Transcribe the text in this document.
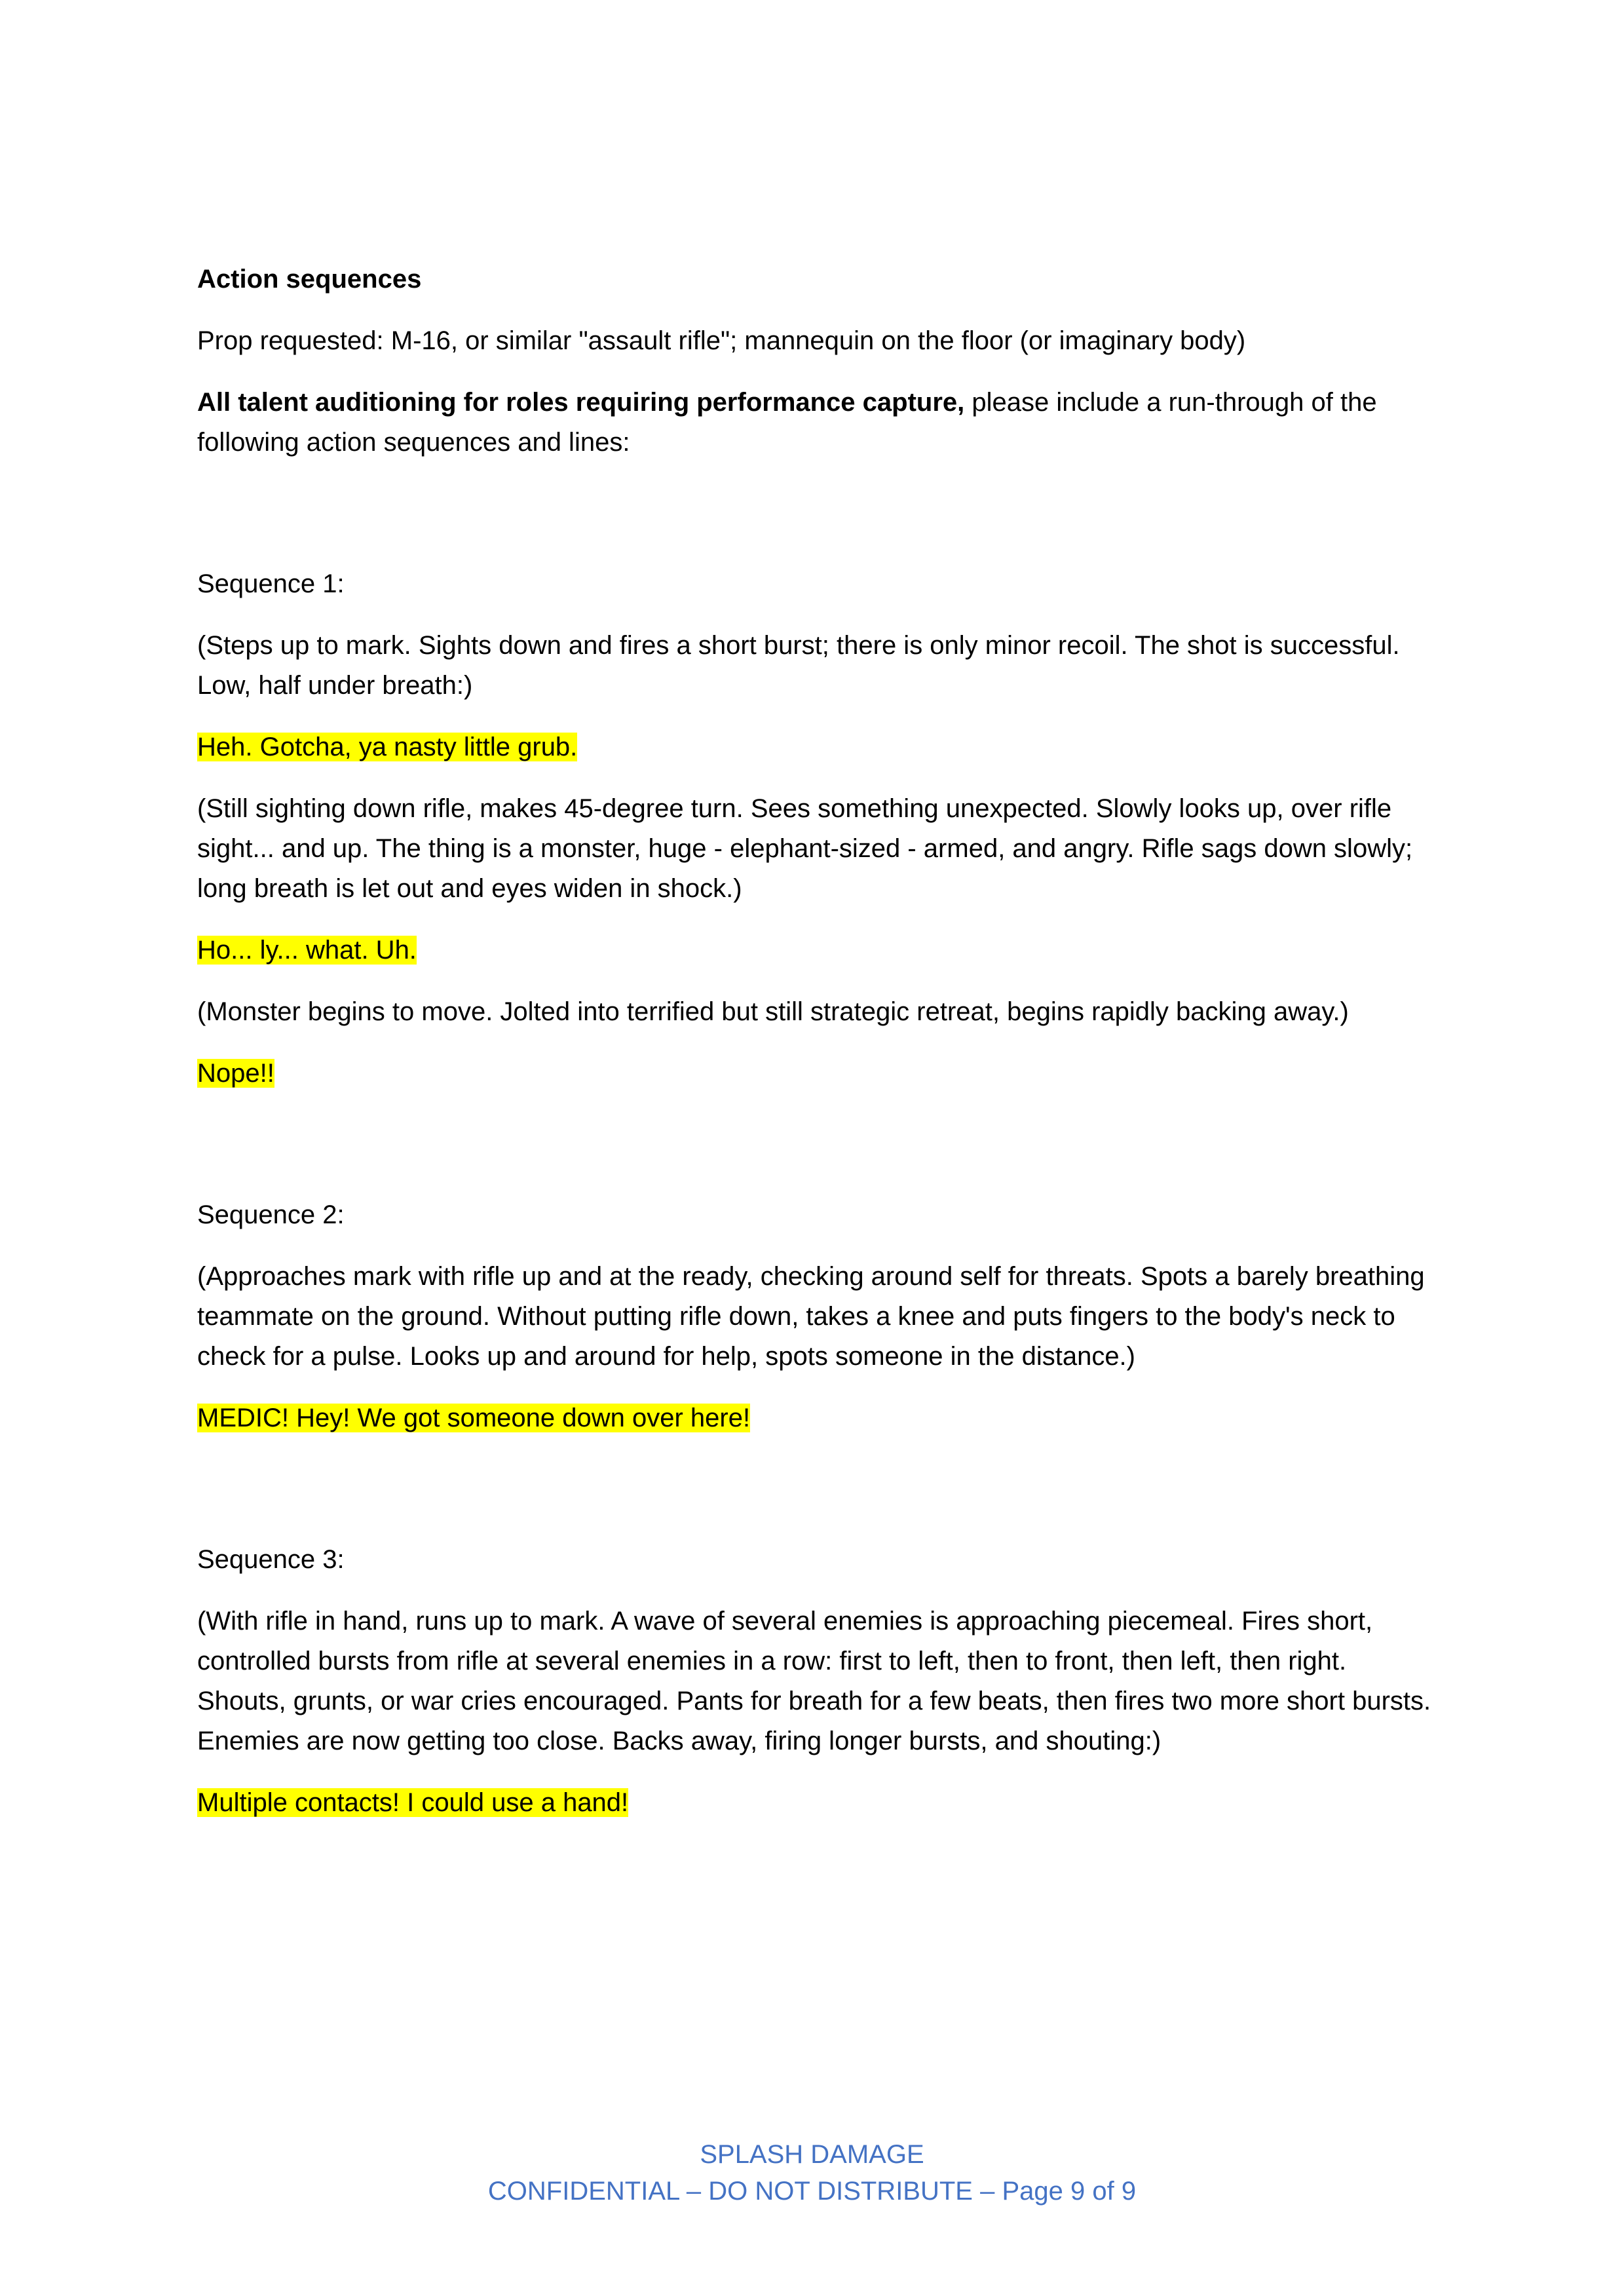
Action sequences

Prop requested: M-16, or similar "assault rifle"; mannequin on the floor (or imaginary body)

All talent auditioning for roles requiring performance capture, please include a run-through of the following action sequences and lines:

Sequence 1:

(Steps up to mark. Sights down and fires a short burst; there is only minor recoil. The shot is successful. Low, half under breath:)

Heh. Gotcha, ya nasty little grub.

(Still sighting down rifle, makes 45-degree turn. Sees something unexpected. Slowly looks up, over rifle sight... and up. The thing is a monster, huge - elephant-sized - armed, and angry. Rifle sags down slowly; long breath is let out and eyes widen in shock.)

Ho... ly... what. Uh.

(Monster begins to move. Jolted into terrified but still strategic retreat, begins rapidly backing away.)

Nope!!

Sequence 2:

(Approaches mark with rifle up and at the ready, checking around self for threats. Spots a barely breathing teammate on the ground. Without putting rifle down, takes a knee and puts fingers to the body's neck to check for a pulse. Looks up and around for help, spots someone in the distance.)

MEDIC! Hey! We got someone down over here!

Sequence 3:

(With rifle in hand, runs up to mark. A wave of several enemies is approaching piecemeal. Fires short, controlled bursts from rifle at several enemies in a row: first to left, then to front, then left, then right. Shouts, grunts, or war cries encouraged. Pants for breath for a few beats, then fires two more short bursts. Enemies are now getting too close. Backs away, firing longer bursts, and shouting:)

Multiple contacts! I could use a hand!

SPLASH DAMAGE
CONFIDENTIAL – DO NOT DISTRIBUTE – Page 9 of 9
